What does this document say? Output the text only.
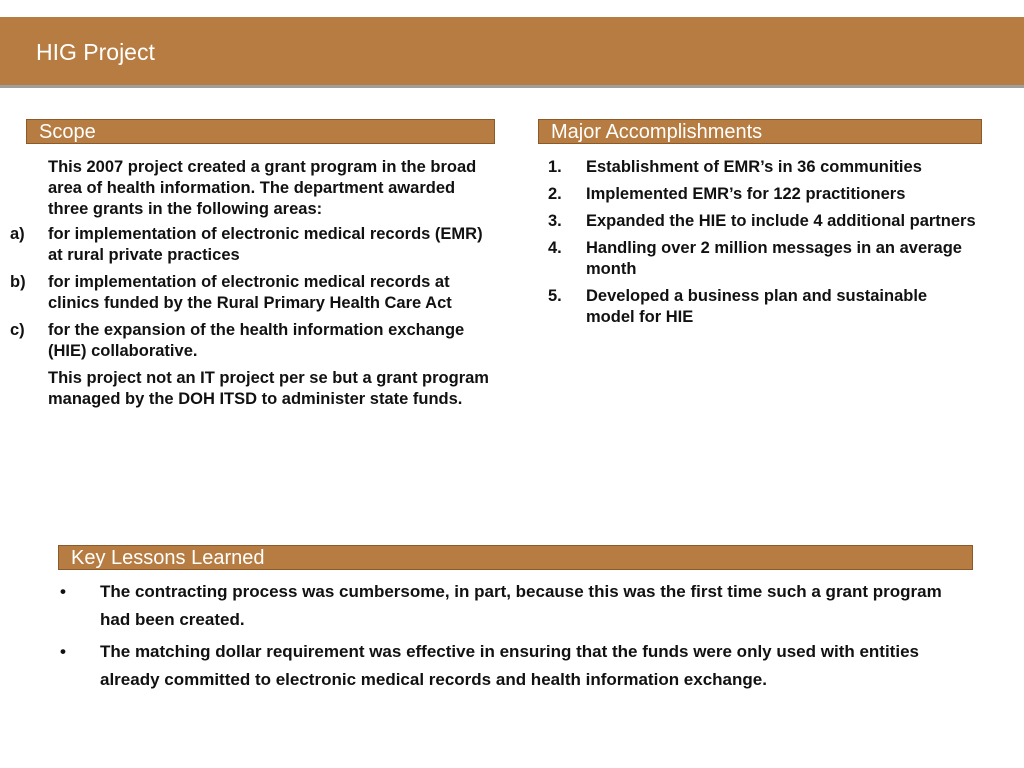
HIG Project
Scope

This 2007 project created a grant program in the broad area of health information. The department awarded three grants in the following areas:

a)	for implementation of electronic medical records (EMR) at rural private practices
b)	for implementation of electronic medical records at clinics funded by the Rural Primary Health Care Act
c)	for the expansion of the health information exchange (HIE) collaborative.

This project not an IT project per se but a grant program managed by the DOH ITSD to administer state funds.

Major Accomplishments
1.	Establishment of EMR’s in 36 communities
2.	Implemented EMR’s for 122 practitioners
3.	Expanded the HIE to include 4 additional partners
4.	Handling over 2 million messages in an average month
5.	Developed a business plan and sustainable model for HIE
Key Lessons Learned
•	The contracting process was cumbersome, in part, because this was the first time such a grant program had been created.
•	The matching dollar requirement was effective in ensuring that the funds were only used with entities already committed to electronic medical records and health information exchange.
